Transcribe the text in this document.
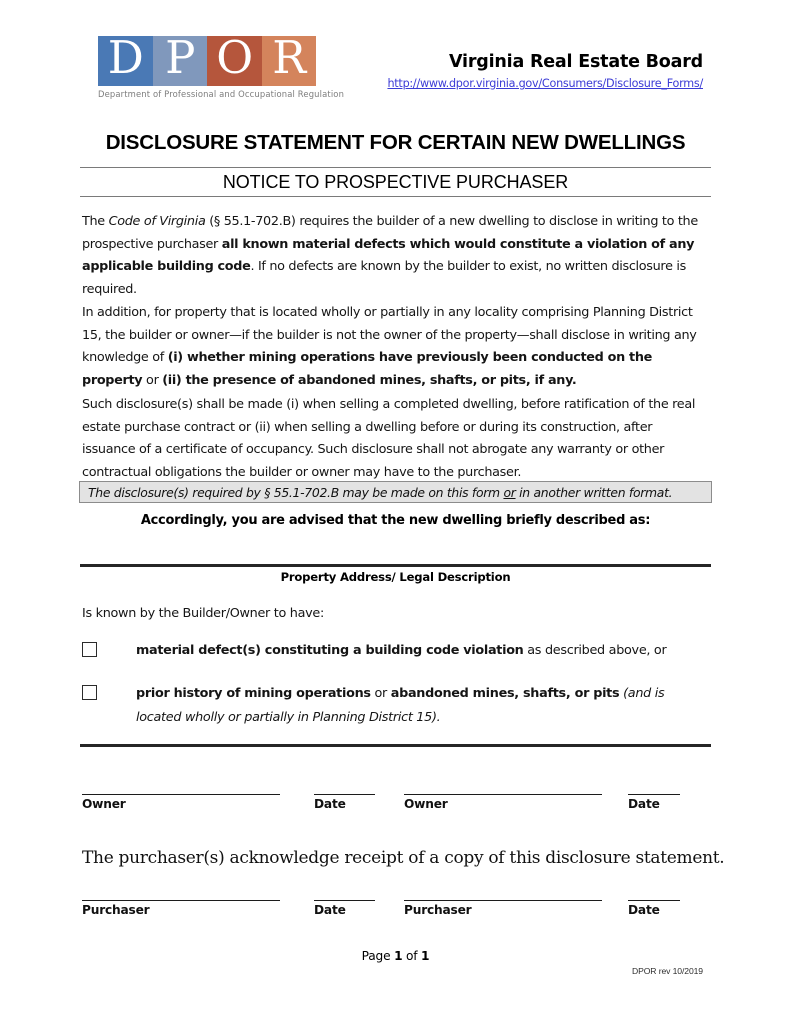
D P O R
Department of Professional and Occupational Regulation
Virginia Real Estate Board
http://www.dpor.virginia.gov/Consumers/Disclosure_Forms/
DISCLOSURE STATEMENT FOR CERTAIN NEW DWELLINGS
NOTICE TO PROSPECTIVE PURCHASER
The Code of Virginia (§ 55.1-702.B) requires the builder of a new dwelling to disclose in writing to the prospective purchaser all known material defects which would constitute a violation of any applicable building code. If no defects are known by the builder to exist, no written disclosure is required.
In addition, for property that is located wholly or partially in any locality comprising Planning District 15, the builder or owner—if the builder is not the owner of the property—shall disclose in writing any knowledge of (i) whether mining operations have previously been conducted on the property or (ii) the presence of abandoned mines, shafts, or pits, if any.
Such disclosure(s) shall be made (i) when selling a completed dwelling, before ratification of the real estate purchase contract or (ii) when selling a dwelling before or during its construction, after issuance of a certificate of occupancy. Such disclosure shall not abrogate any warranty or other contractual obligations the builder or owner may have to the purchaser.
The disclosure(s) required by § 55.1-702.B may be made on this form or in another written format.
Accordingly, you are advised that the new dwelling briefly described as:
Property Address/ Legal Description
Is known by the Builder/Owner to have:
material defect(s) constituting a building code violation as described above, or
prior history of mining operations or abandoned mines, shafts, or pits (and is located wholly or partially in Planning District 15).
Owner	Date	Owner	Date
The purchaser(s) acknowledge receipt of a copy of this disclosure statement.
Purchaser	Date	Purchaser	Date
Page 1 of 1
DPOR rev 10/2019
